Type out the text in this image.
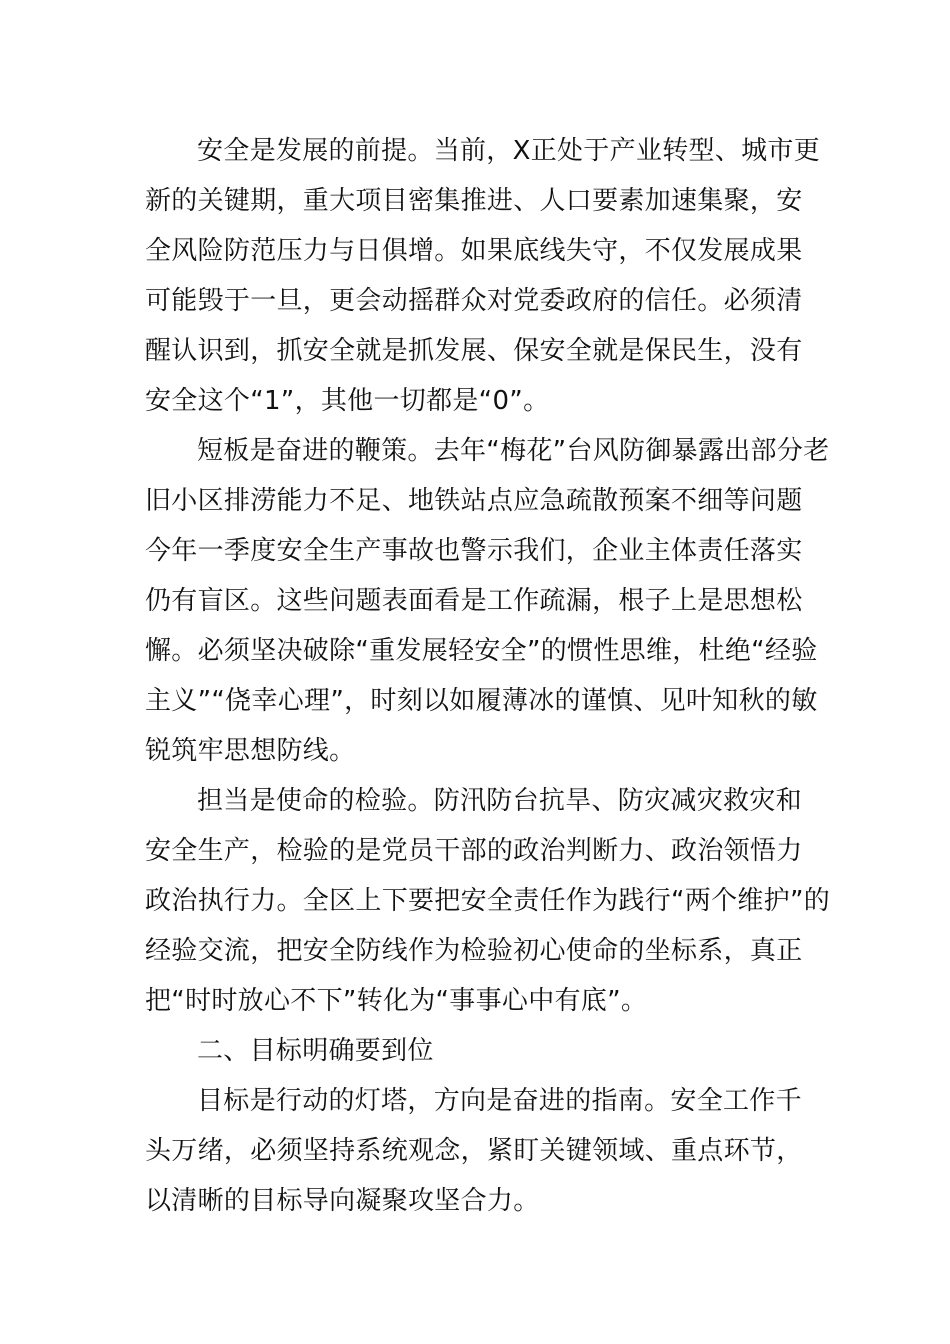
安全是发展的前提。当前，X正处于产业转型、城市更
新的关键期，重大项目密集推进、人口要素加速集聚，安
全风险防范压力与日俱增。如果底线失守，不仅发展成果
可能毁于一旦，更会动摇群众对党委政府的信任。必须清
醒认识到，抓安全就是抓发展、保安全就是保民生，没有
安全这个“1”，其他一切都是“0”。

短板是奋进的鞭策。去年“梅花”台风防御暴露出部分老
旧小区排涝能力不足、地铁站点应急疏散预案不细等问题
今年一季度安全生产事故也警示我们，企业主体责任落实
仍有盲区。这些问题表面看是工作疏漏，根子上是思想松
懈。必须坚决破除“重发展轻安全”的惯性思维，杜绝“经验
主义”“侥幸心理”，时刻以如履薄冰的谨慎、见叶知秋的敏
锐筑牢思想防线。

担当是使命的检验。防汛防台抗旱、防灾减灾救灾和
安全生产，检验的是党员干部的政治判断力、政治领悟力
政治执行力。全区上下要把安全责任作为践行“两个维护”的
经验交流，把安全防线作为检验初心使命的坐标系，真正
把“时时放心不下”转化为“事事心中有底”。

二、目标明确要到位

目标是行动的灯塔，方向是奋进的指南。安全工作千
头万绪，必须坚持系统观念，紧盯关键领域、重点环节，
以清晰的目标导向凝聚攻坚合力。
